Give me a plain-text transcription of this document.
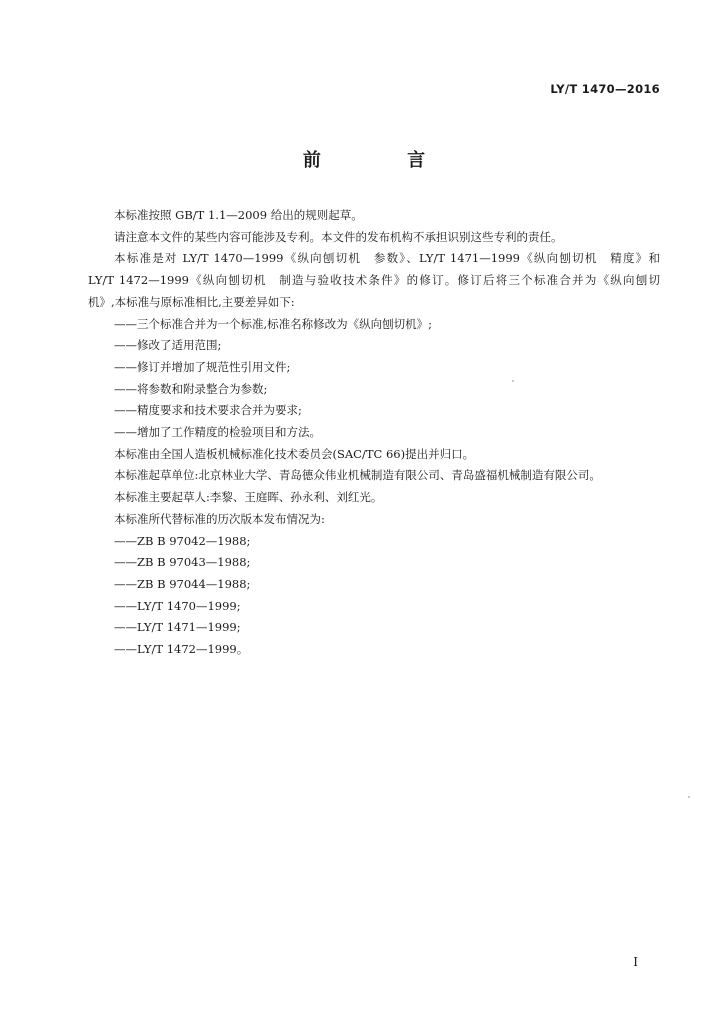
LY/T 1470—2016
前 言

本标准按照 GB/T 1.1—2009 给出的规则起草。

请注意本文件的某些内容可能涉及专利。本文件的发布机构不承担识别这些专利的责任。

本标准是对 LY/T 1470—1999《纵向刨切机　参数》、LY/T 1471—1999《纵向刨切机　精度》和

LY/T 1472—1999《纵向刨切机　制造与验收技术条件》的修订。修订后将三个标准合并为《纵向刨切

机》,本标准与原标准相比,主要差异如下:

——三个标准合并为一个标准,标准名称修改为《纵向刨切机》;

——修改了适用范围;

——修订并增加了规范性引用文件;

——将参数和附录整合为参数;

——精度要求和技术要求合并为要求;

——增加了工作精度的检验项目和方法。

本标准由全国人造板机械标准化技术委员会(SAC/TC 66)提出并归口。

本标准起草单位:北京林业大学、青岛德众伟业机械制造有限公司、青岛盛福机械制造有限公司。

本标准主要起草人:李黎、王庭晖、孙永利、刘红光。

本标准所代替标准的历次版本发布情况为:

——ZB B 97042—1988;

——ZB B 97043—1988;

——ZB B 97044—1988;

——LY/T 1470—1999;

——LY/T 1471—1999;

——LY/T 1472—1999。

I
